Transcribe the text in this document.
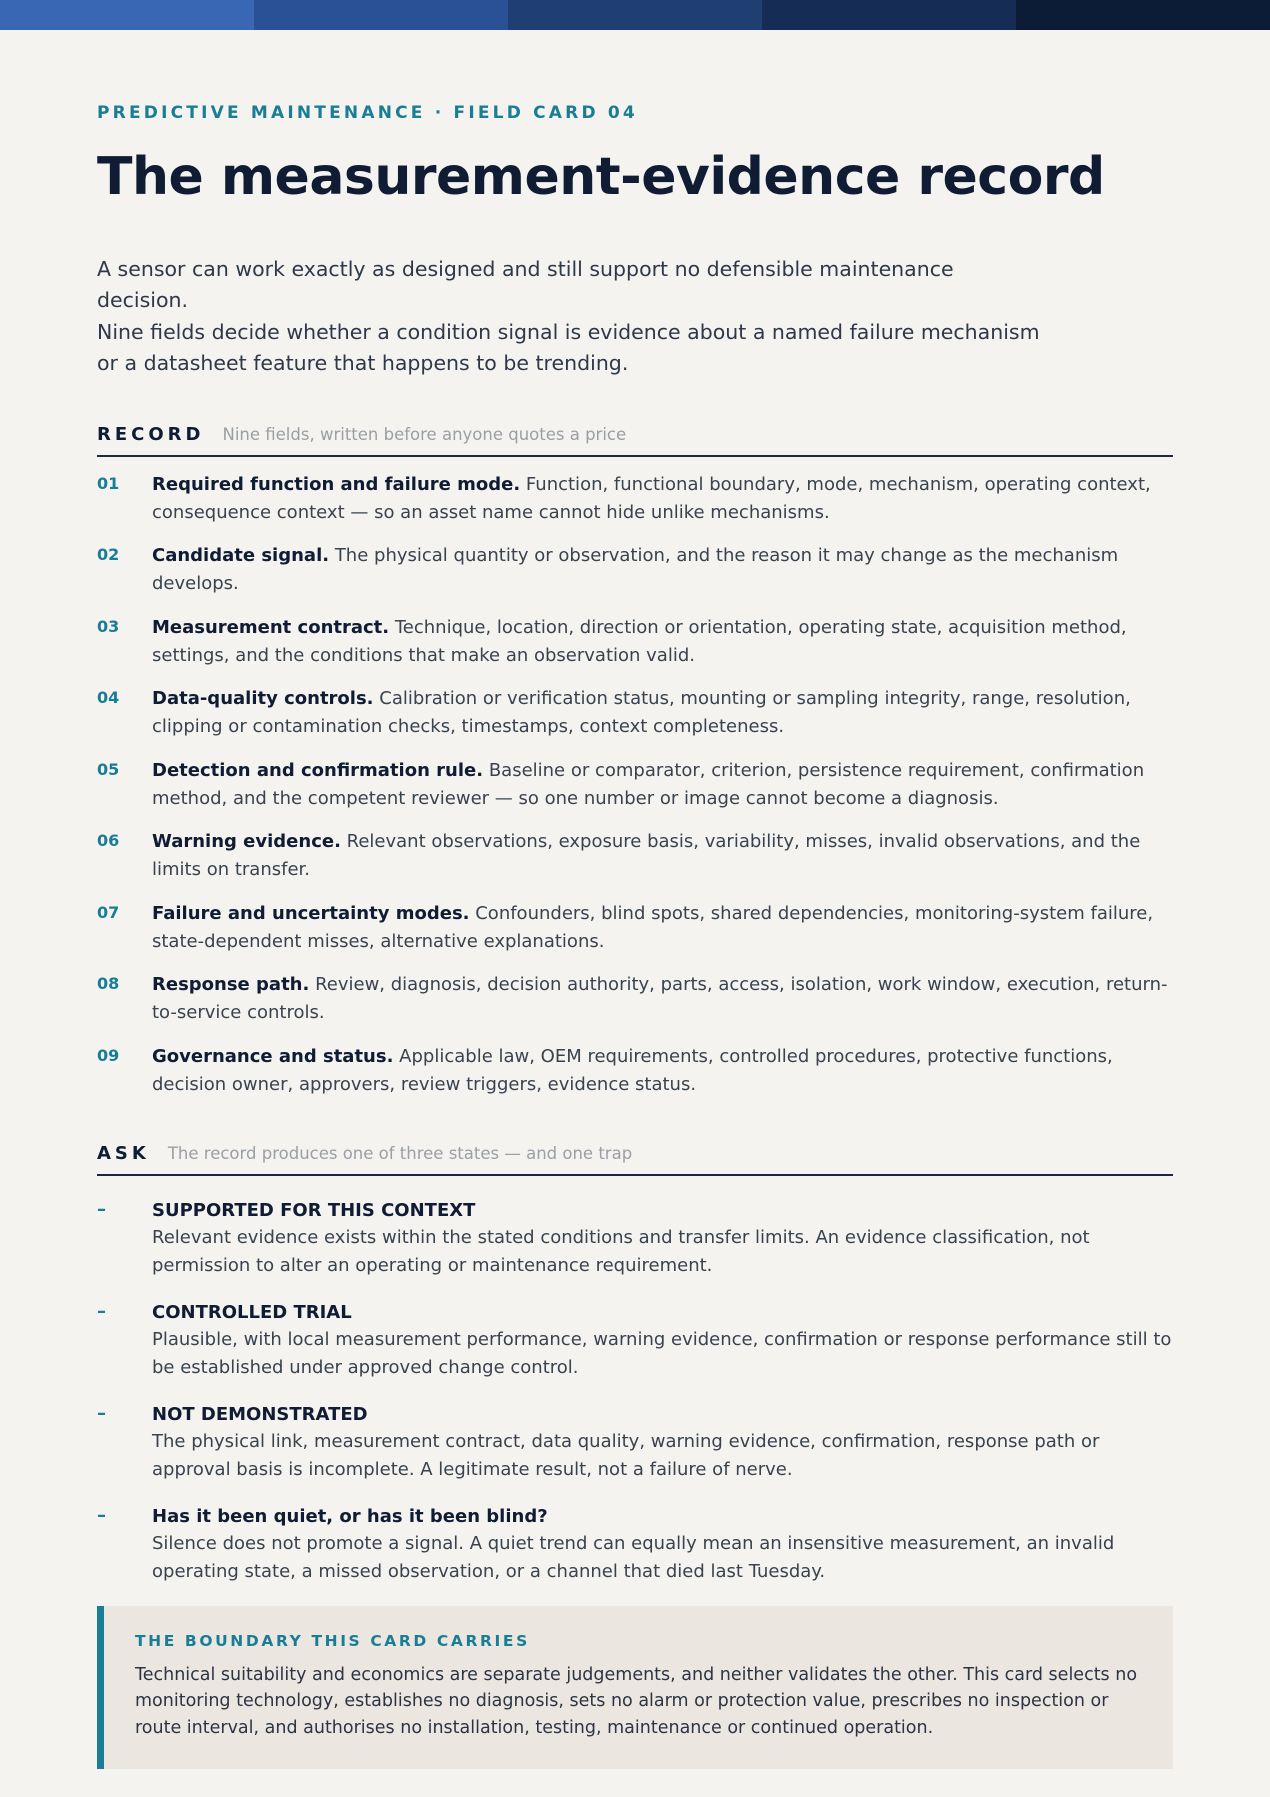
PREDICTIVE MAINTENANCE · FIELD CARD 04
The measurement-evidence record

A sensor can work exactly as designed and still support no defensible maintenance decision.

Nine fields decide whether a condition signal is evidence about a named failure mechanism

or a datasheet feature that happens to be trending.

RECORD Nine fields, written before anyone quotes a price
01	Required function and failure mode. Function, functional boundary, mode, mechanism, operating context, consequence context — so an asset name cannot hide unlike mechanisms.
02	Candidate signal. The physical quantity or observation, and the reason it may change as the mechanism develops.
03	Measurement contract. Technique, location, direction or orientation, operating state, acquisition method, settings, and the conditions that make an observation valid.
04	Data-quality controls. Calibration or verification status, mounting or sampling integrity, range, resolution, clipping or contamination checks, timestamps, context completeness.
05	Detection and confirmation rule. Baseline or comparator, criterion, persistence requirement, confirmation method, and the competent reviewer — so one number or image cannot become a diagnosis.
06	Warning evidence. Relevant observations, exposure basis, variability, misses, invalid observations, and the limits on transfer.
07	Failure and uncertainty modes. Confounders, blind spots, shared dependencies, monitoring-system failure, state-dependent misses, alternative explanations.
08	Response path. Review, diagnosis, decision authority, parts, access, isolation, work window, execution, return-to-service controls.
09	Governance and status. Applicable law, OEM requirements, controlled procedures, protective functions, decision owner, approvers, review triggers, evidence status.
ASK The record produces one of three states — and one trap
–	SUPPORTED FOR THIS CONTEXT
Relevant evidence exists within the stated conditions and transfer limits. An evidence classification, not permission to alter an operating or maintenance requirement.
–	CONTROLLED TRIAL
Plausible, with local measurement performance, warning evidence, confirmation or response performance still to be established under approved change control.
–	NOT DEMONSTRATED
The physical link, measurement contract, data quality, warning evidence, confirmation, response path or approval basis is incomplete. A legitimate result, not a failure of nerve.
–	Has it been quiet, or has it been blind?
Silence does not promote a signal. A quiet trend can equally mean an insensitive measurement, an invalid operating state, a missed observation, or a channel that died last Tuesday.
THE BOUNDARY THIS CARD CARRIES
Technical suitability and economics are separate judgements, and neither validates the other. This card selects no monitoring technology, establishes no diagnosis, sets no alarm or protection value, prescribes no inspection or route interval, and authorises no installation, testing, maintenance or continued operation.
